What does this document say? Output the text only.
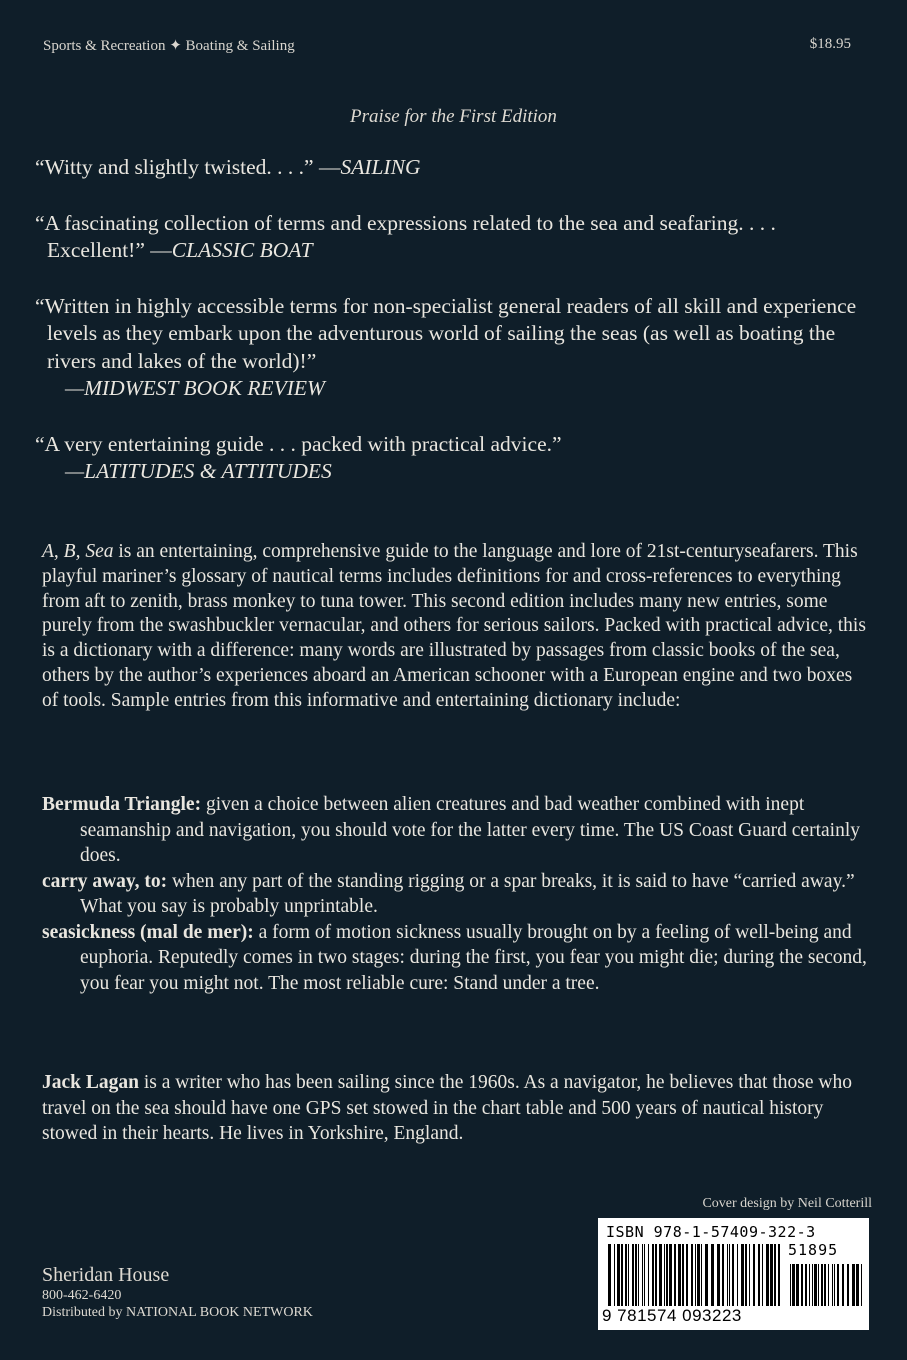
Sports & Recreation ✦ Boating & Sailing	$18.95
Praise for the First Edition

“Witty and slightly twisted. . . .” —SAILING

“A fascinating collection of terms and expressions related to the sea and seafaring. . . . Excellent!” —CLASSIC BOAT

“Written in highly accessible terms for non-specialist general readers of all skill and experience levels as they embark upon the adventurous world of sailing the seas (as well as boating the rivers and lakes of the world)!”
—MIDWEST BOOK REVIEW

“A very entertaining guide . . . packed with practical advice.”
—LATITUDES & ATTITUDES

A, B, Sea is an entertaining, comprehensive guide to the language and lore of 21st-centuryseafarers. This playful mariner’s glossary of nautical terms includes definitions for and cross-references to everything from aft to zenith, brass monkey to tuna tower. This second edition includes many new entries, some purely from the swashbuckler vernacular, and others for serious sailors. Packed with practical advice, this is a dictionary with a difference: many words are illustrated by passages from classic books of the sea, others by the author’s experiences aboard an American schooner with a European engine and two boxes of tools. Sample entries from this informative and entertaining dictionary include:

Bermuda Triangle: given a choice between alien creatures and bad weather combined with inept seamanship and navigation, you should vote for the latter every time. The US Coast Guard certainly does.

carry away, to: when any part of the standing rigging or a spar breaks, it is said to have “carried away.” What you say is probably unprintable.

seasickness (mal de mer): a form of motion sickness usually brought on by a feeling of well-being and euphoria. Reputedly comes in two stages: during the first, you fear you might die; during the second, you fear you might not. The most reliable cure: Stand under a tree.

Jack Lagan is a writer who has been sailing since the 1960s. As a navigator, he believes that those who travel on the sea should have one GPS set stowed in the chart table and 500 years of nautical history stowed in their hearts. He lives in Yorkshire, England.
Cover design by Neil Cotterill
Sheridan House
800-462-6420
Distributed by NATIONAL BOOK NETWORK
ISBN 978-1-57409-322-3
51895
9 781574 093223
